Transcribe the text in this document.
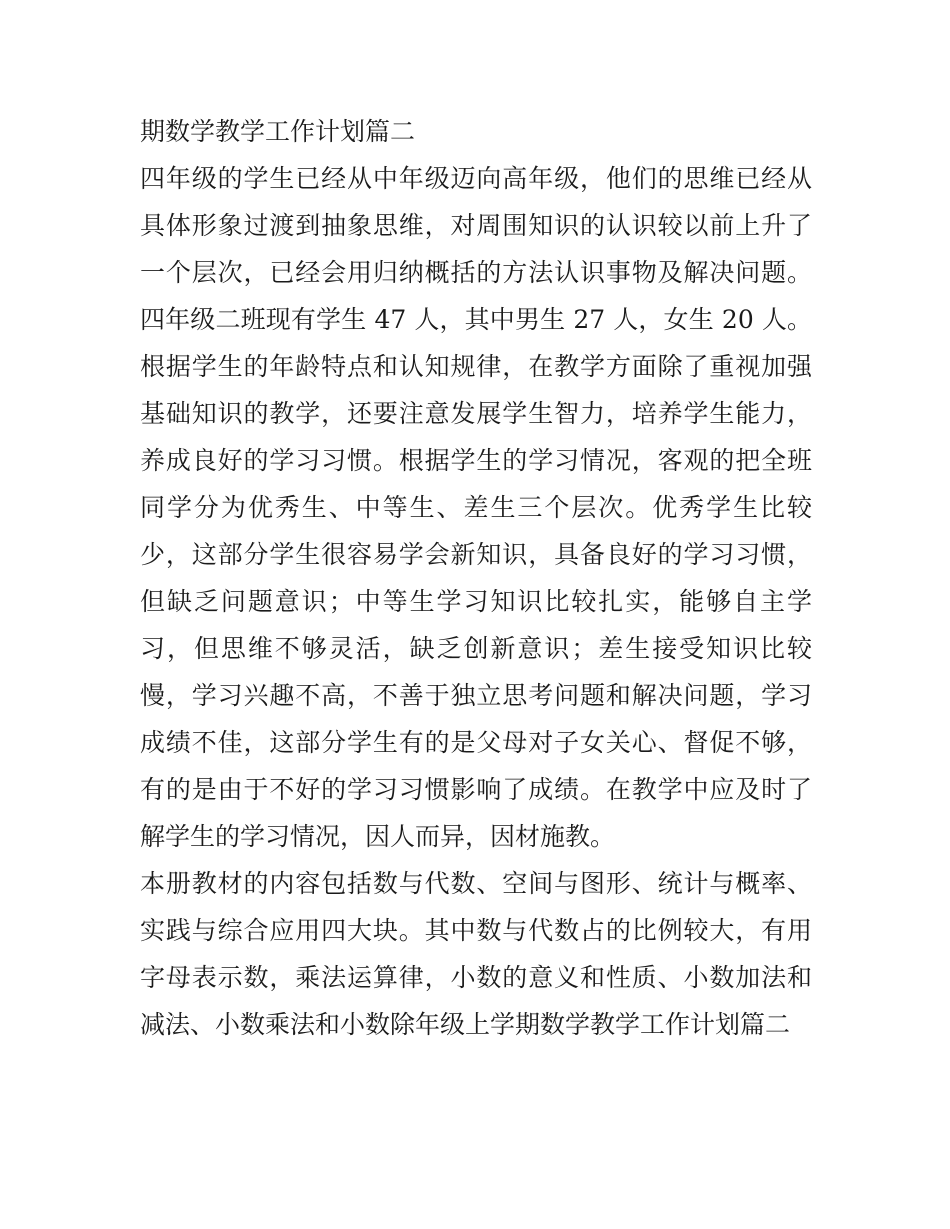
期数学教学工作计划篇二

四年级的学生已经从中年级迈向高年级，他们的思维已经从具体形象过渡到抽象思维，对周围知识的认识较以前上升了一个层次，已经会用归纳概括的方法认识事物及解决问题。四年级二班现有学生 47 人，其中男生 27 人，女生 20 人。根据学生的年龄特点和认知规律，在教学方面除了重视加强基础知识的教学，还要注意发展学生智力，培养学生能力，养成良好的学习习惯。根据学生的学习情况，客观的把全班同学分为优秀生、中等生、差生三个层次。优秀学生比较少，这部分学生很容易学会新知识，具备良好的学习习惯，但缺乏问题意识；中等生学习知识比较扎实，能够自主学习，但思维不够灵活，缺乏创新意识；差生接受知识比较慢，学习兴趣不高，不善于独立思考问题和解决问题，学习成绩不佳，这部分学生有的是父母对子女关心、督促不够，有的是由于不好的学习习惯影响了成绩。在教学中应及时了解学生的学习情况，因人而异，因材施教。

本册教材的内容包括数与代数、空间与图形、统计与概率、实践与综合应用四大块。其中数与代数占的比例较大，有用字母表示数，乘法运算律，小数的意义和性质、小数加法和减法、小数乘法和小数除年级上学期数学教学工作计划篇二
